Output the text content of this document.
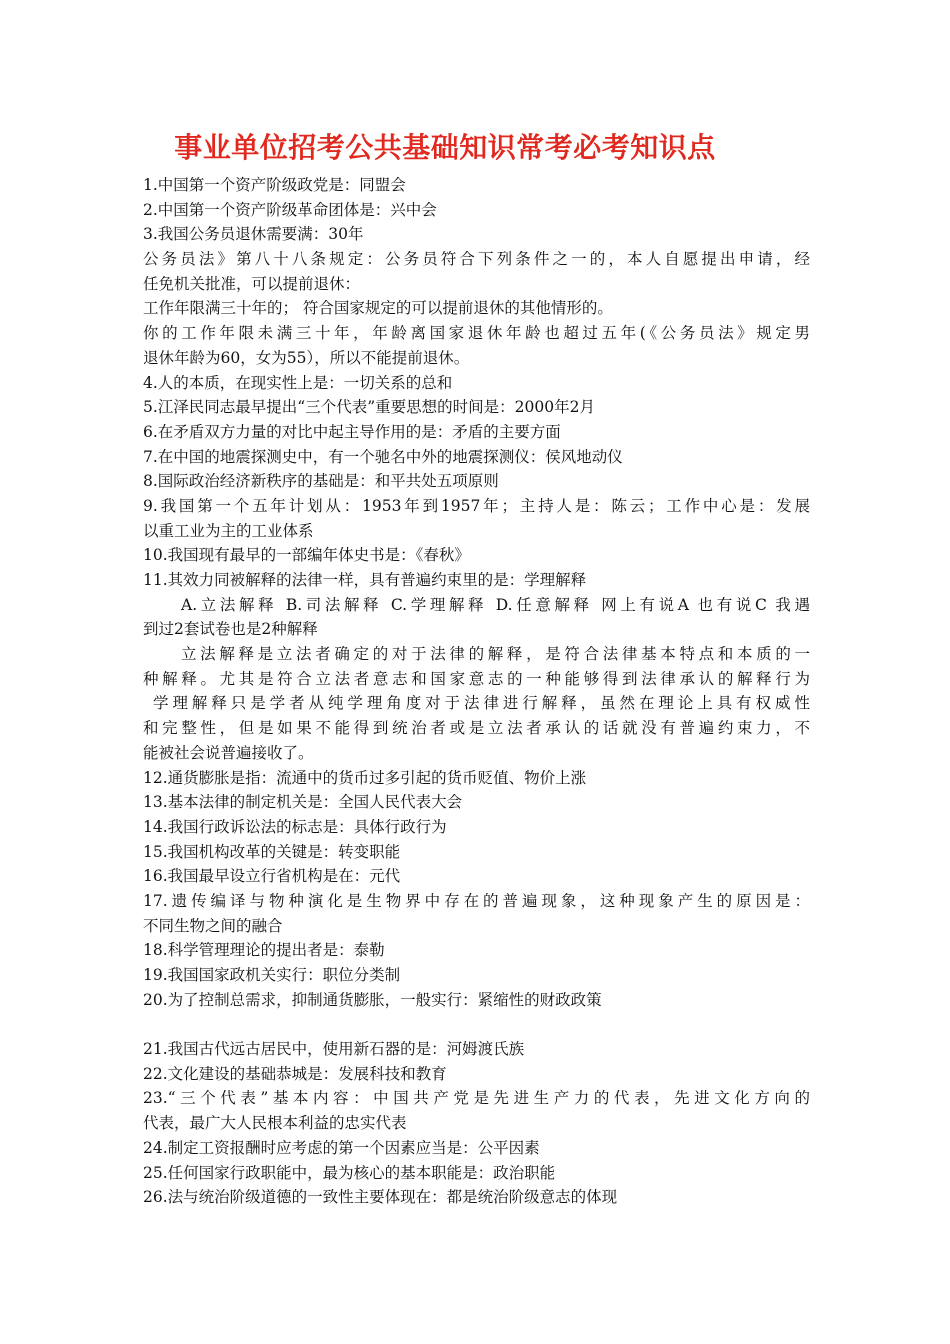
事业单位招考公共基础知识常考必考知识点

1.中国第一个资产阶级政党是：同盟会

2.中国第一个资产阶级革命团体是：兴中会

3.我国公务员退休需要满：30年

公务员法》第八十八条规定：公务员符合下列条件之一的，本人自愿提出申请，经

任免机关批准，可以提前退休：

工作年限满三十年的； 符合国家规定的可以提前退休的其他情形的。

你的工作年限未满三十年，年龄离国家退休年龄也超过五年(《公务员法》规定男

退休年龄为60，女为55），所以不能提前退休。

4.人的本质，在现实性上是：一切关系的总和

5.江泽民同志最早提出“三个代表”重要思想的时间是：2000年2月

6.在矛盾双方力量的对比中起主导作用的是：矛盾的主要方面

7.在中国的地震探测史中，有一个驰名中外的地震探测仪：侯风地动仪

8.国际政治经济新秩序的基础是：和平共处五项原则

9.我国第一个五年计划从：1953年到1957年；主持人是：陈云；工作中心是：发展

以重工业为主的工业体系

10.我国现有最早的一部编年体史书是：《春秋》

11.其效力同被解释的法律一样，具有普遍约束里的是：学理解释

A.立法解释 B.司法解释 C.学理解释 D.任意解释 网上有说A 也有说C 我遇

到过2套试卷也是2种解释

立法解释是立法者确定的对于法律的解释，是符合法律基本特点和本质的一

种解释。尤其是符合立法者意志和国家意志的一种能够得到法律承认的解释行为

学理解释只是学者从纯学理角度对于法律进行解释，虽然在理论上具有权威性

和完整性，但是如果不能得到统治者或是立法者承认的话就没有普遍约束力，不

能被社会说普遍接收了。

12.通货膨胀是指：流通中的货币过多引起的货币贬值、物价上涨

13.基本法律的制定机关是：全国人民代表大会

14.我国行政诉讼法的标志是：具体行政行为

15.我国机构改革的关键是：转变职能

16.我国最早设立行省机构是在：元代

17.遗传编译与物种演化是生物界中存在的普遍现象，这种现象产生的原因是：

不同生物之间的融合

18.科学管理理论的提出者是：泰勒

19.我国国家政机关实行：职位分类制

20.为了控制总需求，抑制通货膨胀，一般实行：紧缩性的财政政策

21.我国古代远古居民中，使用新石器的是：河姆渡氏族

22.文化建设的基础恭城是：发展科技和教育

23.“三个代表”基本内容：中国共产党是先进生产力的代表，先进文化方向的

代表，最广大人民根本利益的忠实代表

24.制定工资报酬时应考虑的第一个因素应当是：公平因素

25.任何国家行政职能中，最为核心的基本职能是：政治职能

26.法与统治阶级道德的一致性主要体现在：都是统治阶级意志的体现
